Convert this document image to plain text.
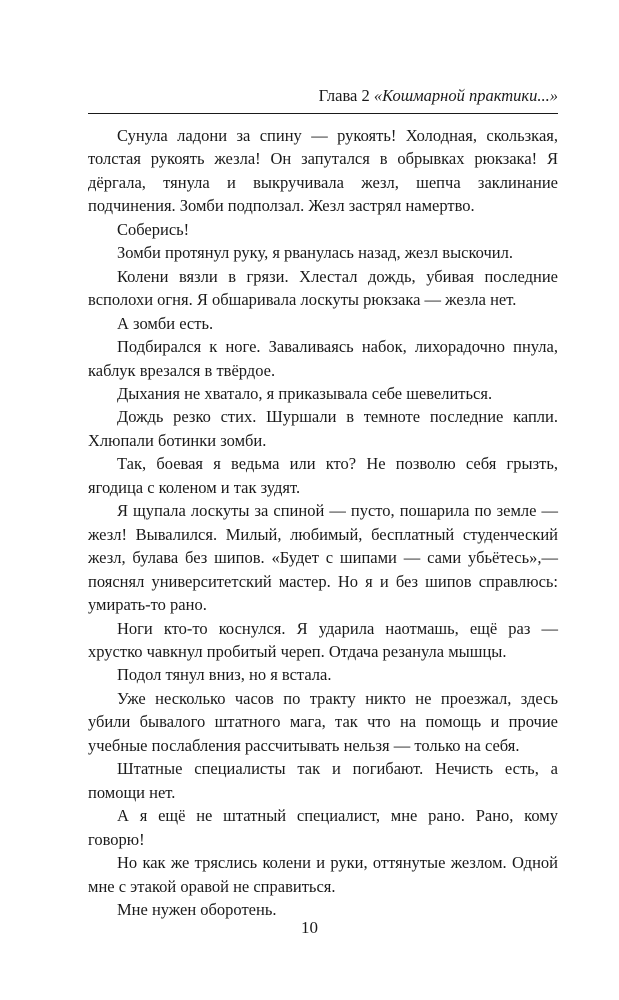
Глава 2 «Кошмарной практики...»

Сунула ладони за спину — рукоять! Холодная, скользкая, толстая рукоять жезла! Он запутался в обрывках рюкзака! Я дёргала, тянула и выкручивала жезл, шепча заклинание подчинения. Зомби подползал. Жезл застрял намертво.

Соберись!

Зомби протянул руку, я рванулась назад, жезл выскочил.

Колени вязли в грязи. Хлестал дождь, убивая последние всполохи огня. Я обшаривала лоскуты рюкзака — жезла нет.

А зомби есть.

Подбирался к ноге. Заваливаясь набок, лихорадочно пнула, каблук врезался в твёрдое.

Дыхания не хватало, я приказывала себе шевелиться.

Дождь резко стих. Шуршали в темноте последние капли. Хлюпали ботинки зомби.

Так, боевая я ведьма или кто? Не позволю себя грызть, ягодица с коленом и так зудят.

Я щупала лоскуты за спиной — пусто, пошарила по земле — жезл! Вывалился. Милый, любимый, бесплатный студенческий жезл, булава без шипов. «Будет с шипами — сами убьётесь»,— пояснял университетский мастер. Но я и без шипов справлюсь: умирать-то рано.

Ноги кто-то коснулся. Я ударила наотмашь, ещё раз — хрустко чавкнул пробитый череп. Отдача резанула мышцы.

Подол тянул вниз, но я встала.

Уже несколько часов по тракту никто не проезжал, здесь убили бывалого штатного мага, так что на помощь и прочие учебные послабления рассчитывать нельзя — только на себя.

Штатные специалисты так и погибают. Нечисть есть, а помощи нет.

А я ещё не штатный специалист, мне рано. Рано, кому говорю!

Но как же тряслись колени и руки, оттянутые жезлом. Одной мне с этакой оравой не справиться.

Мне нужен оборотень.

10
